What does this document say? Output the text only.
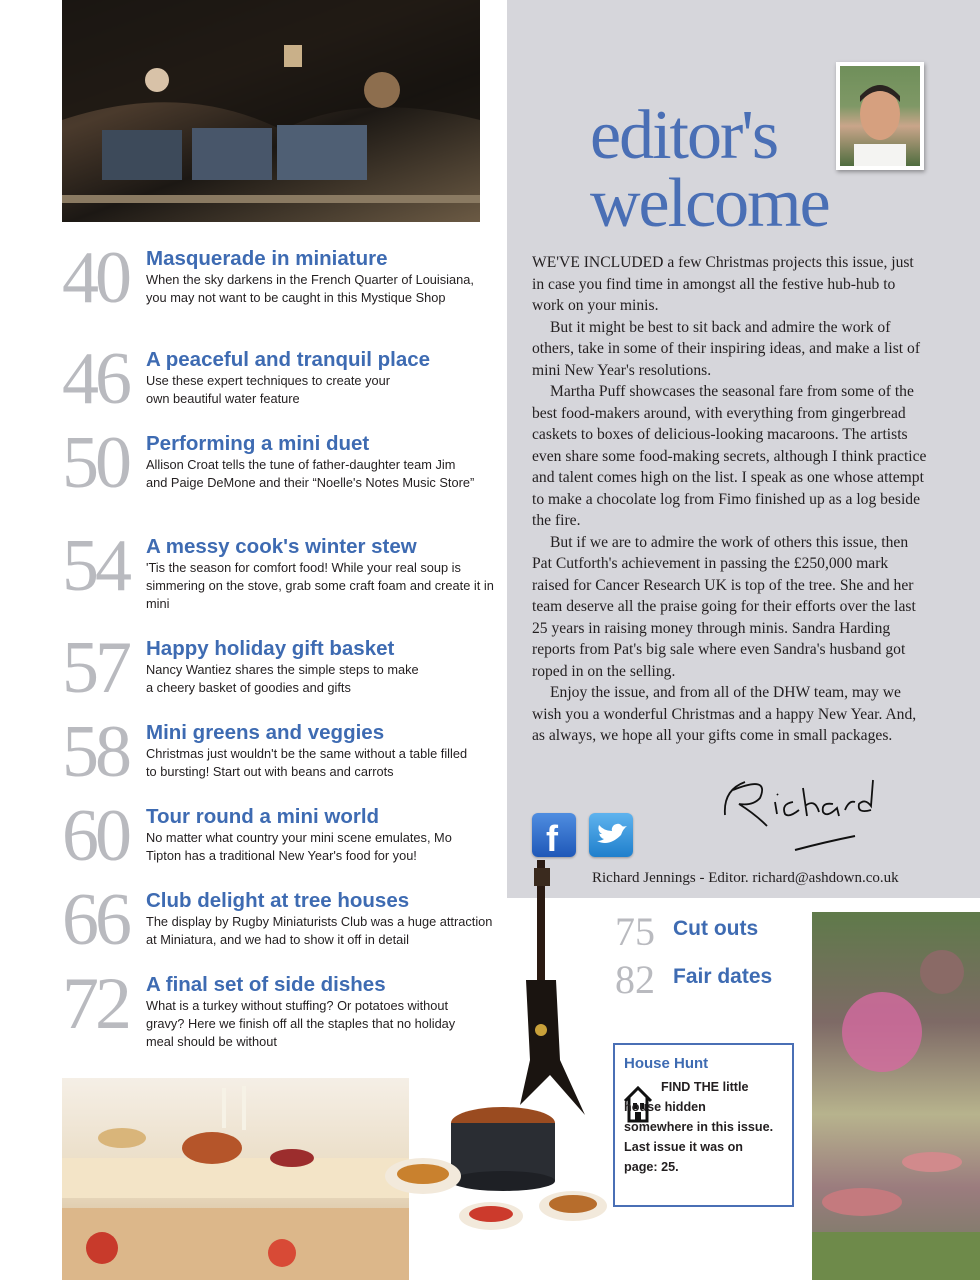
editor's
welcome

WE'VE INCLUDED a few Christmas projects this issue, just in case you find time in amongst all the festive hub-hub to work on your minis.

But it might be best to sit back and admire the work of others, take in some of their inspiring ideas, and make a list of mini New Year's resolutions.

Martha Puff showcases the seasonal fare from some of the best food-makers around, with everything from gingerbread caskets to boxes of delicious-looking macaroons. The artists even share some food-making secrets, although I think practice and talent comes high on the list. I speak as one whose attempt to make a chocolate log from Fimo finished up as a log beside the fire.

But if we are to admire the work of others this issue, then Pat Cutforth's achievement in passing the £250,000 mark raised for Cancer Research UK is top of the tree. She and her team deserve all the praise going for their efforts over the last 25 years in raising money through minis. Sandra Harding reports from Pat's big sale where even Sandra's husband got roped in on the selling.

Enjoy the issue, and from all of the DHW team, may we wish you a wonderful Christmas and a happy New Year. And, as always, we hope all your gifts come in small packages.

f
Richard Jennings - Editor. richard@ashdown.co.uk
40 Masquerade in miniature
When the sky darkens in the French Quarter of Louisiana, you may not want to be caught in this Mystique Shop
46 A peaceful and tranquil place
Use these expert techniques to create your own beautiful water feature
50 Performing a mini duet
Allison Croat tells the tune of father-daughter team Jim and Paige DeMone and their “Noelle's Notes Music Store”
54 A messy cook's winter stew
'Tis the season for comfort food! While your real soup is simmering on the stove, grab some craft foam and create it in mini
57 Happy holiday gift basket
Nancy Wantiez shares the simple steps to make a cheery basket of goodies and gifts
58 Mini greens and veggies
Christmas just wouldn't be the same without a table filled to bursting! Start out with beans and carrots
60 Tour round a mini world
No matter what country your mini scene emulates, Mo Tipton has a traditional New Year's food for you!
66 Club delight at tree houses
The display by Rugby Miniaturists Club was a huge attraction at Miniatura, and we had to show it off in detail
72 A final set of side dishes
What is a turkey without stuffing? Or potatoes without gravy? Here we finish off all the staples that no holiday meal should be without
75 Cut outs
82 Fair dates
House Hunt
FIND THE little house hidden somewhere in this issue. Last issue it was on page: 25.
